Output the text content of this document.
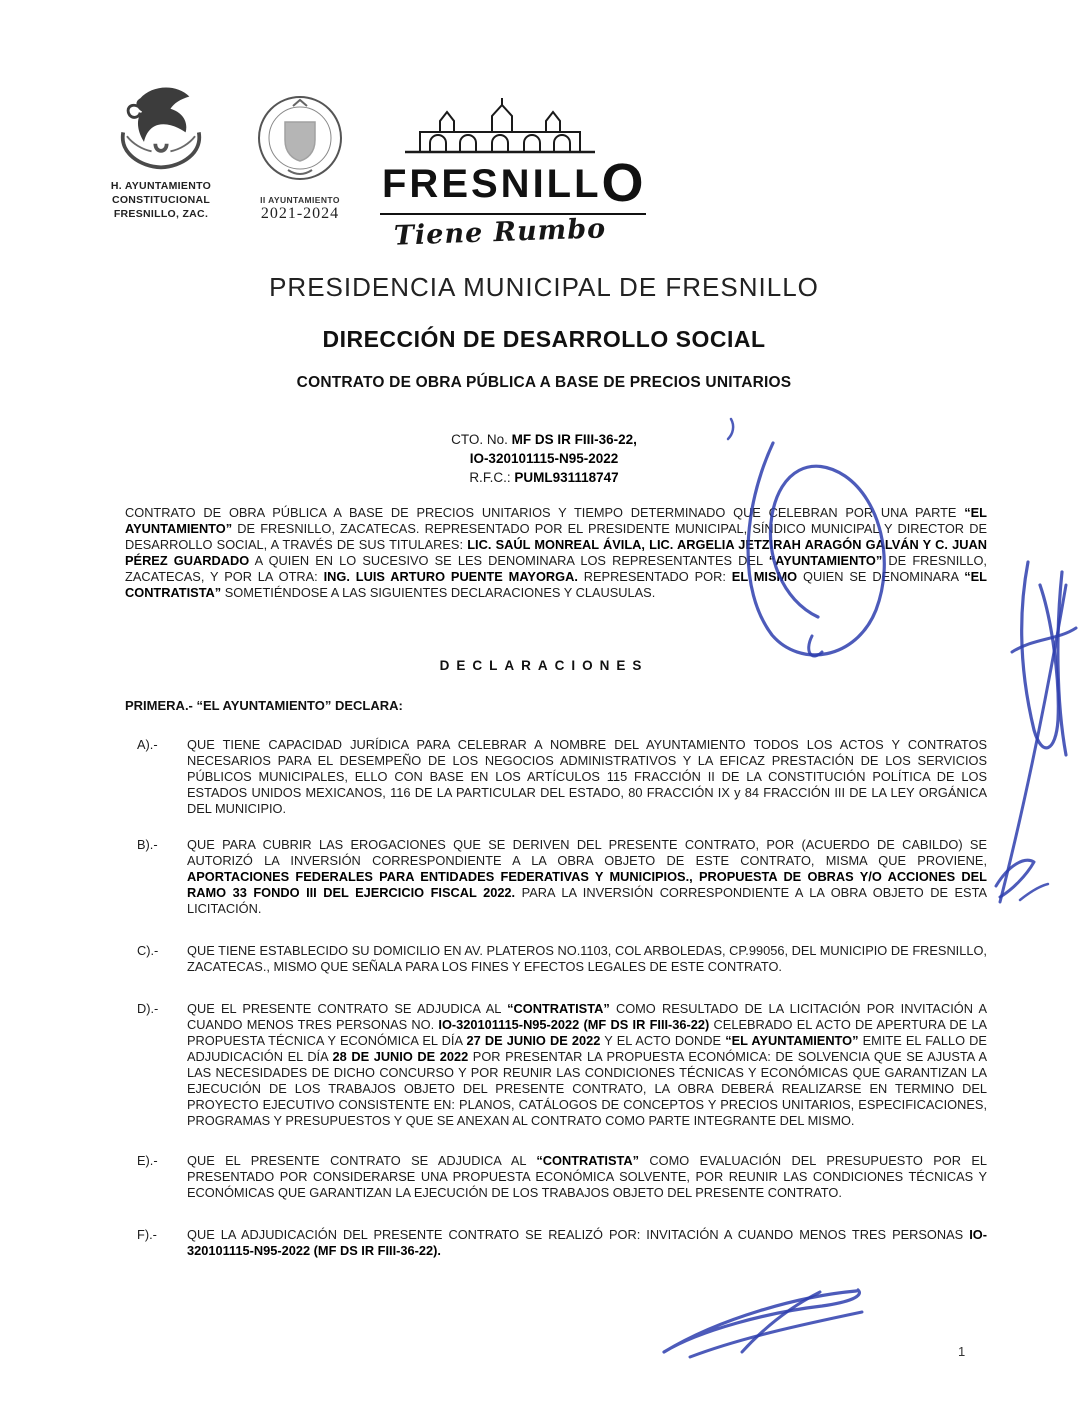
H. AYUNTAMIENTO
CONSTITUCIONAL
FRESNILLO, ZAC.
II AYUNTAMIENTO
2021-2024
FRESNILLO
Tiene Rumbo
PRESIDENCIA MUNICIPAL DE FRESNILLO
DIRECCIÓN DE DESARROLLO SOCIAL
CONTRATO DE OBRA PÚBLICA A BASE DE PRECIOS UNITARIOS
CTO. No. MF DS IR FIII-36-22,
IO-320101115-N95-2022
R.F.C.: PUML931118747

CONTRATO DE OBRA PÚBLICA A BASE DE PRECIOS UNITARIOS Y TIEMPO DETERMINADO QUE CELEBRAN POR UNA PARTE “EL AYUNTAMIENTO” DE FRESNILLO, ZACATECAS. REPRESENTADO POR EL PRESIDENTE MUNICIPAL, SÍNDICO MUNICIPAL Y DIRECTOR DE DESARROLLO SOCIAL, A TRAVÉS DE SUS TITULARES: LIC. SAÚL MONREAL ÁVILA, LIC. ARGELIA JETZIRAH ARAGÓN GALVÁN Y C. JUAN PÉREZ GUARDADO A QUIEN EN LO SUCESIVO SE LES DENOMINARA LOS REPRESENTANTES DEL “AYUNTAMIENTO” DE FRESNILLO, ZACATECAS, Y POR LA OTRA: ING. LUIS ARTURO PUENTE MAYORGA. REPRESENTADO POR: EL MISMO QUIEN SE DENOMINARA “EL CONTRATISTA” SOMETIÉNDOSE A LAS SIGUIENTES DECLARACIONES Y CLAUSULAS.

DECLARACIONES
PRIMERA.- “EL AYUNTAMIENTO” DECLARA:
A).-	QUE TIENE CAPACIDAD JURÍDICA PARA CELEBRAR A NOMBRE DEL AYUNTAMIENTO TODOS LOS ACTOS Y CONTRATOS NECESARIOS PARA EL DESEMPEÑO DE LOS NEGOCIOS ADMINISTRATIVOS Y LA EFICAZ PRESTACIÓN DE LOS SERVICIOS PÚBLICOS MUNICIPALES, ELLO CON BASE EN LOS ARTÍCULOS 115 FRACCIÓN II DE LA CONSTITUCIÓN POLÍTICA DE LOS ESTADOS UNIDOS MEXICANOS, 116 DE LA PARTICULAR DEL ESTADO, 80 FRACCIÓN IX y 84 FRACCIÓN III DE LA LEY ORGÁNICA DEL MUNICIPIO.

B).-	QUE PARA CUBRIR LAS EROGACIONES QUE SE DERIVEN DEL PRESENTE CONTRATO, POR (ACUERDO DE CABILDO) SE AUTORIZÓ LA INVERSIÓN CORRESPONDIENTE A LA OBRA OBJETO DE ESTE CONTRATO, MISMA QUE PROVIENE, APORTACIONES FEDERALES PARA ENTIDADES FEDERATIVAS Y MUNICIPIOS., PROPUESTA DE OBRAS Y/O ACCIONES DEL RAMO 33 FONDO III DEL EJERCICIO FISCAL 2022. PARA LA INVERSIÓN CORRESPONDIENTE A LA OBRA OBJETO DE ESTA LICITACIÓN.

C).-	QUE TIENE ESTABLECIDO SU DOMICILIO EN AV. PLATEROS NO.1103, COL ARBOLEDAS, CP.99056, DEL MUNICIPIO DE FRESNILLO, ZACATECAS., MISMO QUE SEÑALA PARA LOS FINES Y EFECTOS LEGALES DE ESTE CONTRATO.

D).-	QUE EL PRESENTE CONTRATO SE ADJUDICA AL “CONTRATISTA” COMO RESULTADO DE LA LICITACIÓN POR INVITACIÓN A CUANDO MENOS TRES PERSONAS NO. IO-320101115-N95-2022 (MF DS IR FIII-36-22) CELEBRADO EL ACTO DE APERTURA DE LA PROPUESTA TÉCNICA Y ECONÓMICA EL DÍA 27 DE JUNIO DE 2022 Y EL ACTO DONDE “EL AYUNTAMIENTO” EMITE EL FALLO DE ADJUDICACIÓN EL DÍA 28 DE JUNIO DE 2022 POR PRESENTAR LA PROPUESTA ECONÓMICA: DE SOLVENCIA QUE SE AJUSTA A LAS NECESIDADES DE DICHO CONCURSO Y POR REUNIR LAS CONDICIONES TÉCNICAS Y ECONÓMICAS QUE GARANTIZAN LA EJECUCIÓN DE LOS TRABAJOS OBJETO DEL PRESENTE CONTRATO, LA OBRA DEBERÁ REALIZARSE EN TERMINO DEL PROYECTO EJECUTIVO CONSISTENTE EN: PLANOS, CATÁLOGOS DE CONCEPTOS Y PRECIOS UNITARIOS, ESPECIFICACIONES, PROGRAMAS Y PRESUPUESTOS Y QUE SE ANEXAN AL CONTRATO COMO PARTE INTEGRANTE DEL MISMO.

E).-	QUE EL PRESENTE CONTRATO SE ADJUDICA AL “CONTRATISTA” COMO EVALUACIÓN DEL PRESUPUESTO POR EL PRESENTADO POR CONSIDERARSE UNA PROPUESTA ECONÓMICA SOLVENTE, POR REUNIR LAS CONDICIONES TÉCNICAS Y ECONÓMICAS QUE GARANTIZAN LA EJECUCIÓN DE LOS TRABAJOS OBJETO DEL PRESENTE CONTRATO.

F).-	QUE LA ADJUDICACIÓN DEL PRESENTE CONTRATO SE REALIZÓ POR: INVITACIÓN A CUANDO MENOS TRES PERSONAS IO-320101115-N95-2022 (MF DS IR FIII-36-22).

1
